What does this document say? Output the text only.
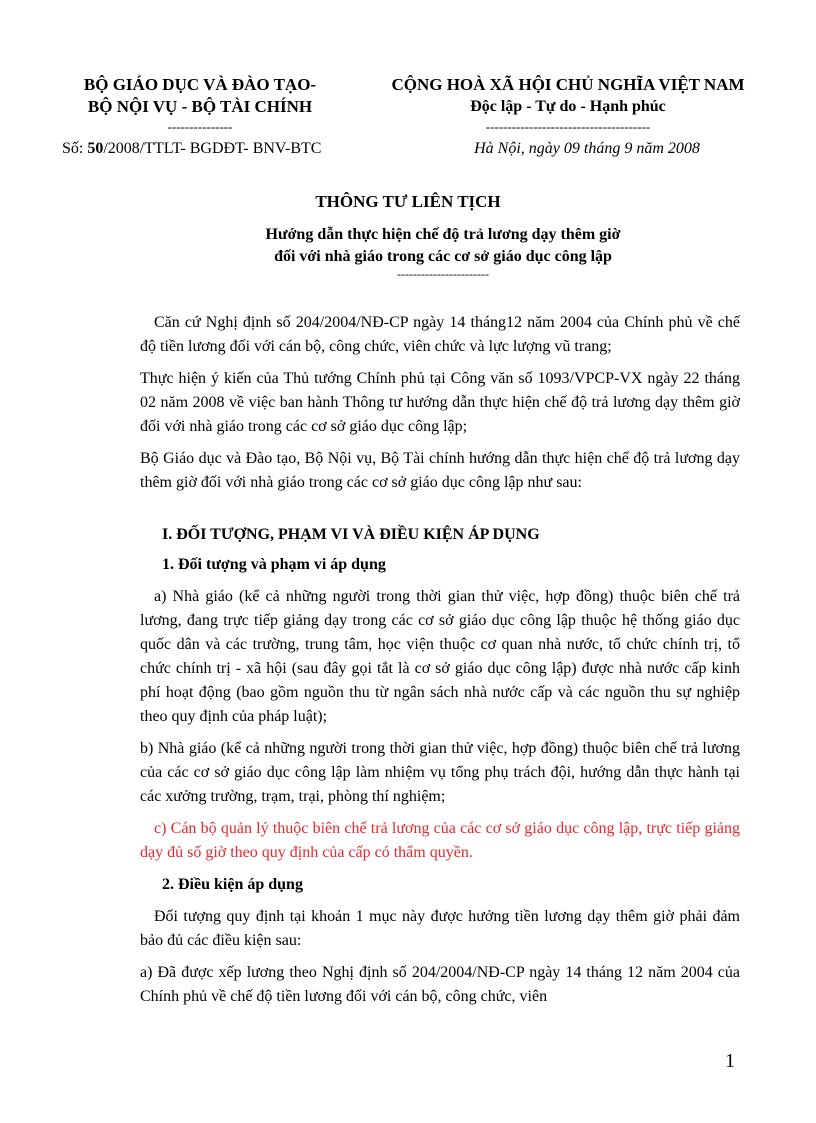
BỘ GIÁO DỤC VÀ ĐÀO TẠO-
BỘ NỘI VỤ - BỘ TÀI CHÍNH
---------------
CỘNG HOÀ XÃ HỘI CHỦ NGHĨA VIỆT NAM
Độc lập - Tự do - Hạnh phúc
--------------------------------------
Số: 50/2008/TTLT- BGDĐT- BNV-BTC	Hà Nội, ngày 09 tháng 9 năm 2008
THÔNG TƯ LIÊN TỊCH
Hướng dẫn thực hiện chế độ trả lương dạy thêm giờ
đối với nhà giáo trong các cơ sở giáo dục công lập
-----------------------

Căn cứ Nghị định số 204/2004/NĐ-CP ngày 14 tháng12 năm 2004 của Chính phủ về chế độ tiền lương đối với cán bộ, công chức, viên chức và lực lượng vũ trang;

Thực hiện ý kiến của Thủ tướng Chính phủ tại Công văn số 1093/VPCP-VX ngày 22 tháng 02 năm 2008 về việc ban hành Thông tư hướng dẫn thực hiện chế độ trả lương dạy thêm giờ đối với nhà giáo trong các cơ sở giáo dục công lập;

Bộ Giáo dục và Đào tạo, Bộ Nội vụ, Bộ Tài chính hướng dẫn thực hiện chế độ trả lương dạy thêm giờ đối với nhà giáo trong các cơ sở giáo dục công lập như sau:

I. ĐỐI TƯỢNG, PHẠM VI VÀ ĐIỀU KIỆN ÁP DỤNG
1. Đối tượng và phạm vi áp dụng

a) Nhà giáo (kể cả những người trong thời gian thử việc, hợp đồng) thuộc biên chế trả lương, đang trực tiếp giảng dạy trong các cơ sở giáo dục công lập thuộc hệ thống giáo dục quốc dân và các trường, trung tâm, học viện thuộc cơ quan nhà nước, tổ chức chính trị, tổ chức chính trị - xã hội (sau đây gọi tắt là cơ sở giáo dục công lập) được nhà nước cấp kinh phí hoạt động (bao gồm nguồn thu từ ngân sách nhà nước cấp và các nguồn thu sự nghiệp theo quy định của pháp luật);

b) Nhà giáo (kể cả những người trong thời gian thử việc, hợp đồng) thuộc biên chế trả lương của các cơ sở giáo dục công lập làm nhiệm vụ tổng phụ trách đội, hướng dẫn thực hành tại các xưởng trường, trạm, trại, phòng thí nghiệm;

c) Cán bộ quản lý thuộc biên chế trả lương của các cơ sở giáo dục công lập, trực tiếp giảng dạy đủ số giờ theo quy định của cấp có thẩm quyền.

2. Điều kiện áp dụng

Đối tượng quy định tại khoản 1 mục này được hưởng tiền lương dạy thêm giờ phải đảm bảo đủ các điều kiện sau:

a) Đã được xếp lương theo Nghị định số 204/2004/NĐ-CP ngày 14 tháng 12 năm 2004 của Chính phủ về chế độ tiền lương đối với cán bộ, công chức, viên

1
